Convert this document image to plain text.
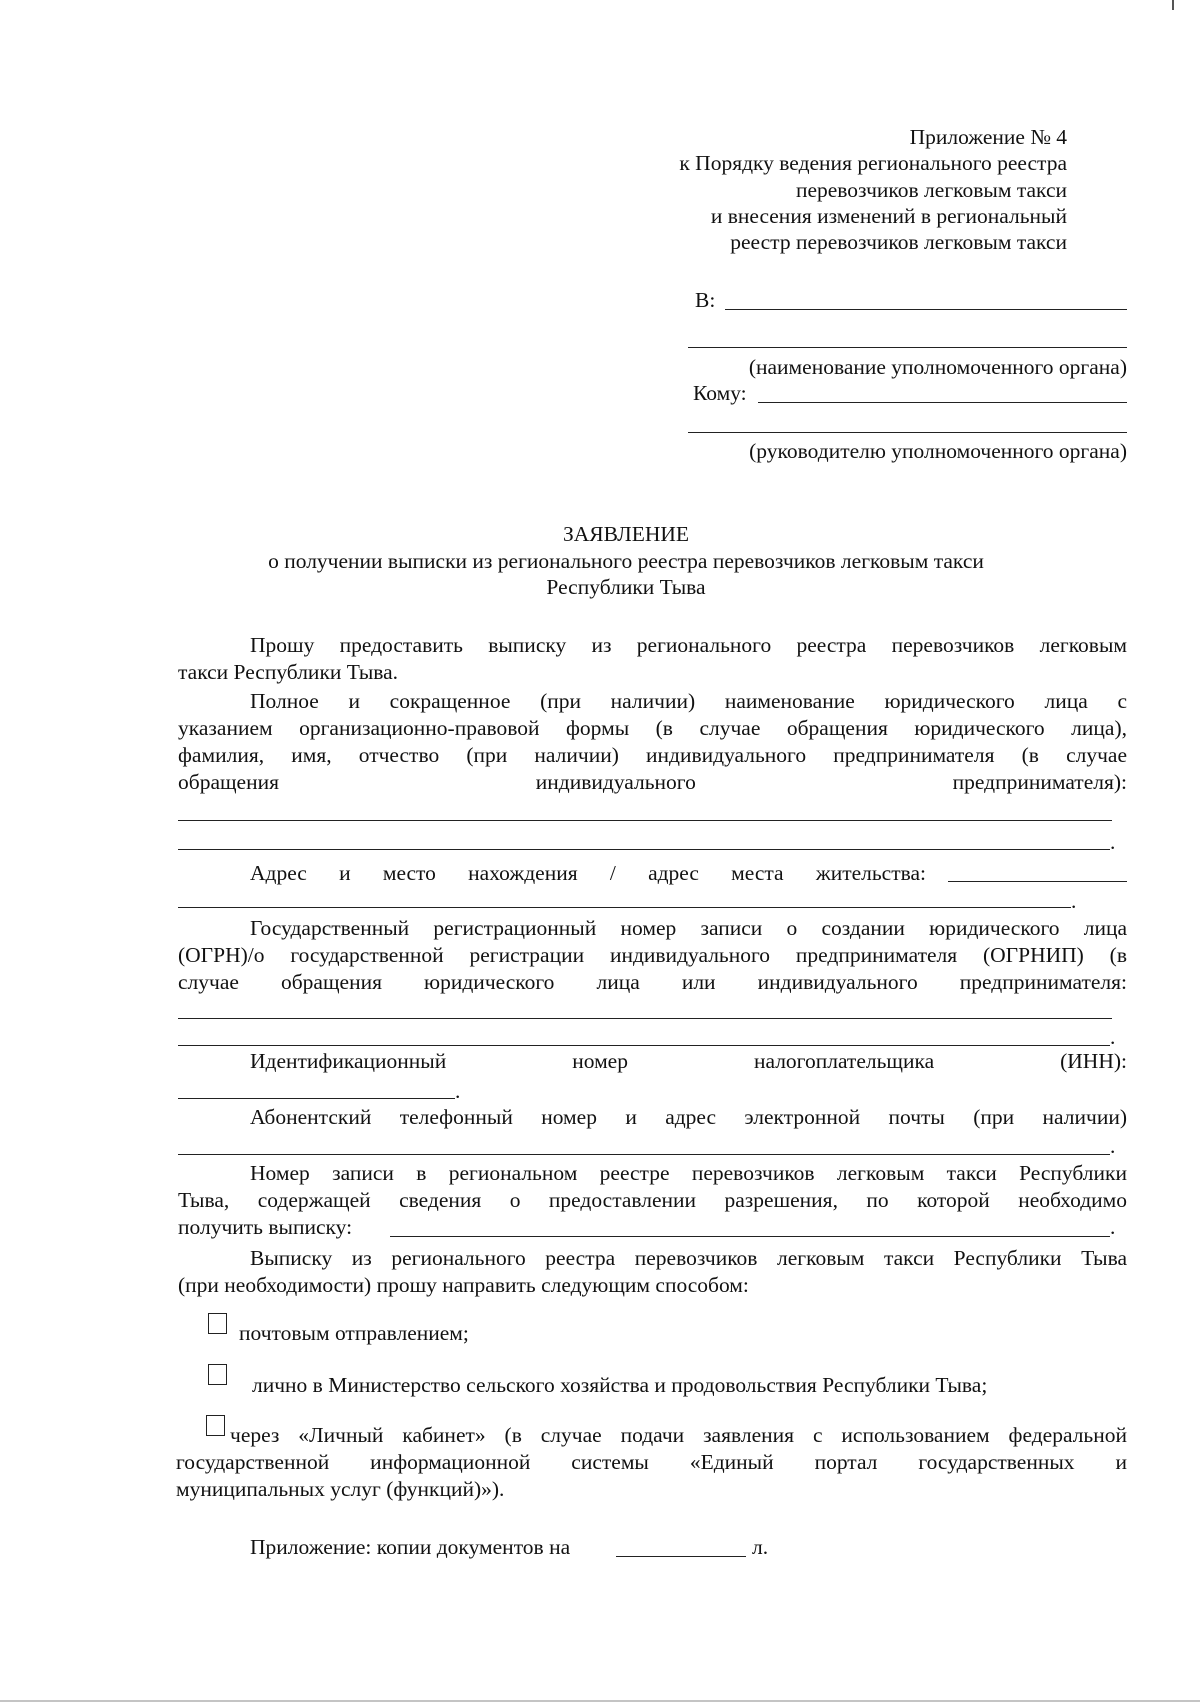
Приложение № 4
к Порядку ведения регионального реестра
перевозчиков легковым такси
и внесения изменений в региональный
реестр перевозчиков легковым такси
В:
(наименование уполномоченного органа)
Кому:
(руководителю уполномоченного органа)
ЗАЯВЛЕНИЕ
о получении выписки из регионального реестра перевозчиков легковым такси
Республики Тыва
Прошу предоставить выписку из регионального реестра перевозчиков легковым
такси Республики Тыва.
Полное и сокращенное (при наличии) наименование юридического лица с
указанием организационно-правовой формы (в случае обращения юридического лица),
фамилия, имя, отчество (при наличии) индивидуального предпринимателя (в случае
обращения индивидуального предпринимателя):
.
Адрес и место нахождения / адрес места жительства:
.
Государственный регистрационный номер записи о создании юридического лица
(ОГРН)/о государственной регистрации индивидуального предпринимателя (ОГРНИП) (в
случае обращения юридического лица или индивидуального предпринимателя:
.
Идентификационный номер налогоплательщика (ИНН):
.
Абонентский телефонный номер и адрес электронной почты (при наличии)
.
Номер записи в региональном реестре перевозчиков легковым такси Республики
Тыва, содержащей сведения о предоставлении разрешения, по которой необходимо
получить выписку:	.
Выписку из регионального реестра перевозчиков легковым такси Республики Тыва
(при необходимости) прошу направить следующим способом:
почтовым отправлением;
лично в Министерство сельского хозяйства и продовольствия Республики Тыва;
через «Личный кабинет» (в случае подачи заявления с использованием федеральной
государственной информационной системы «Единый портал государственных и
муниципальных услуг (функций)»).
Приложение: копии документов на	л.
